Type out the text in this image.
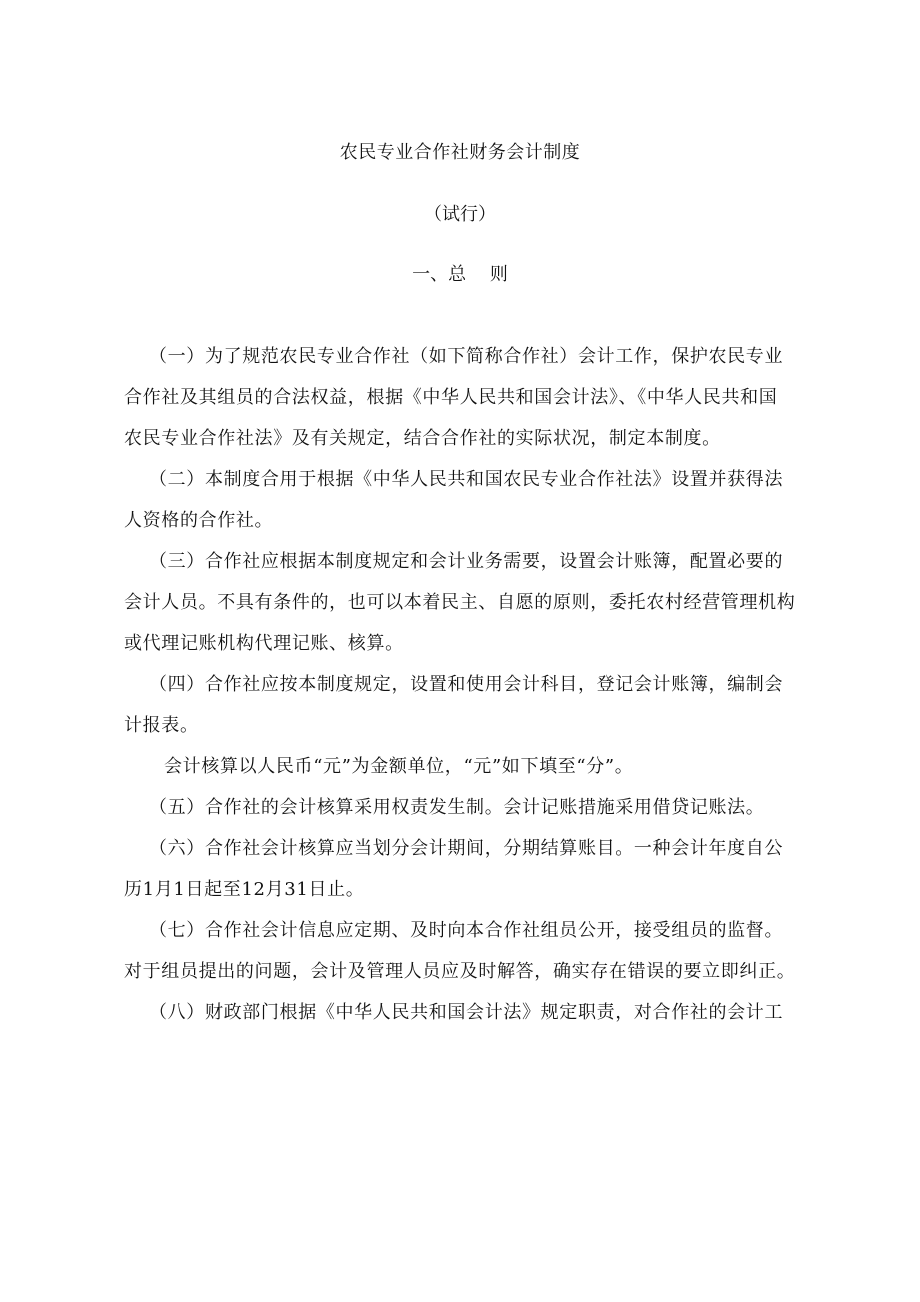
农民专业合作社财务会计制度
（试行）
一、总　 则
（一）为了规范农民专业合作社（如下简称合作社）会计工作，保护农民专业
合作社及其组员的合法权益，根据《中华人民共和国会计法》、《中华人民共和国
农民专业合作社法》及有关规定，结合合作社的实际状况，制定本制度。
（二）本制度合用于根据《中华人民共和国农民专业合作社法》设置并获得法
人资格的合作社。
（三）合作社应根据本制度规定和会计业务需要，设置会计账簿，配置必要的
会计人员。不具有条件的，也可以本着民主、自愿的原则，委托农村经营管理机构
或代理记账机构代理记账、核算。
（四）合作社应按本制度规定，设置和使用会计科目，登记会计账簿，编制会
计报表。
会计核算以人民币“元”为金额单位，“元”如下填至“分”。
（五）合作社的会计核算采用权责发生制。会计记账措施采用借贷记账法。
（六）合作社会计核算应当划分会计期间，分期结算账目。一种会计年度自公
历1月1日起至12月31日止。
（七）合作社会计信息应定期、及时向本合作社组员公开，接受组员的监督。
对于组员提出的问题，会计及管理人员应及时解答，确实存在错误的要立即纠正。
（八）财政部门根据《中华人民共和国会计法》规定职责，对合作社的会计工
